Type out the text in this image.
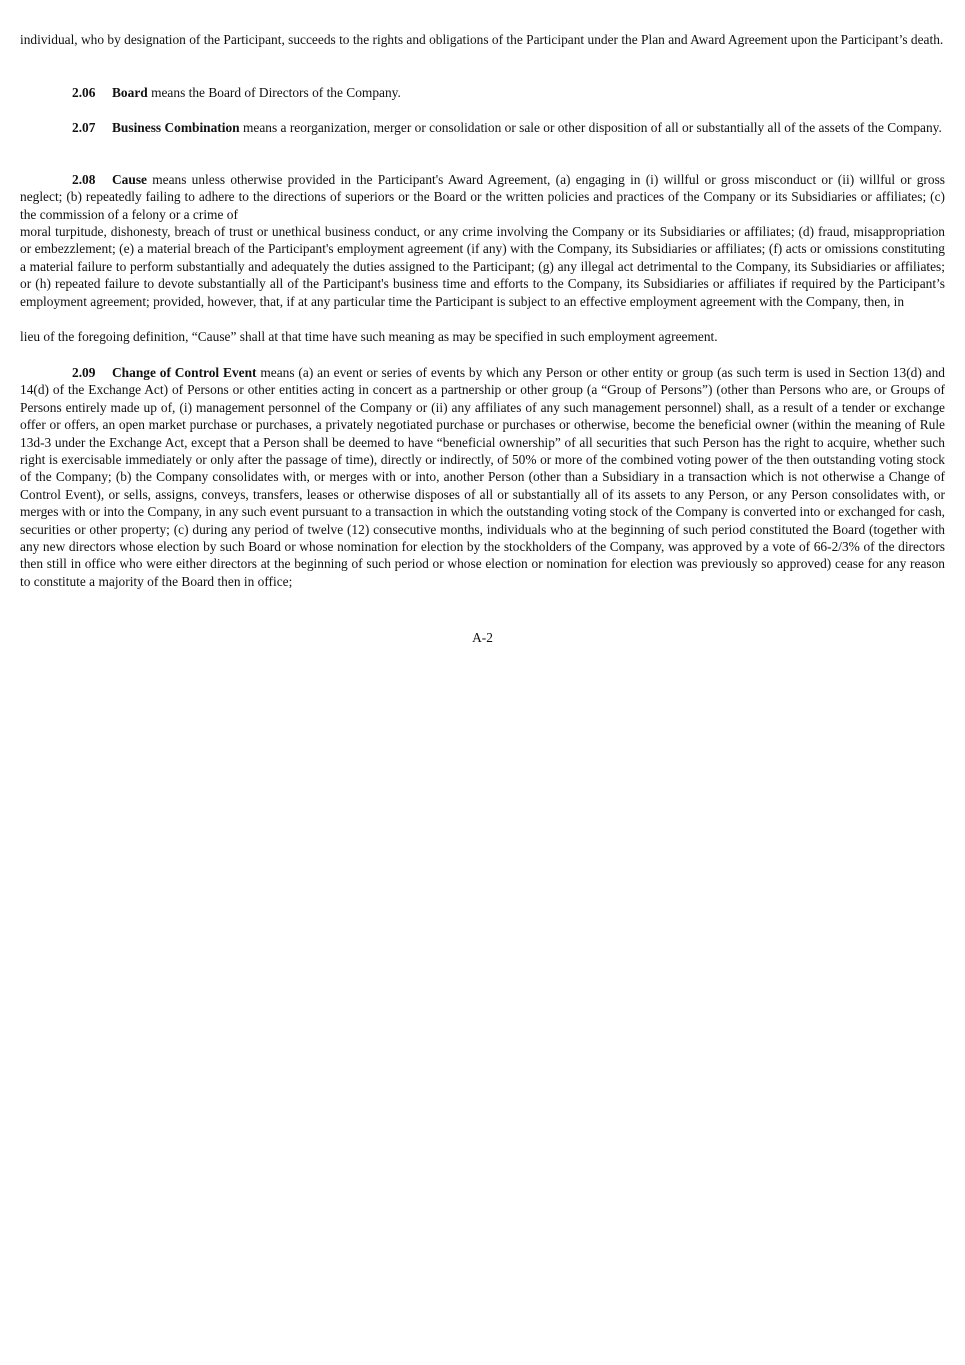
individual, who by designation of the Participant, succeeds to the rights and obligations of the Participant under the Plan and Award Agreement upon the Participant’s death.

2.06 Board means the Board of Directors of the Company.

2.07 Business Combination means a reorganization, merger or consolidation or sale or other disposition of all or substantially all of the assets of the Company.

2.08 Cause means unless otherwise provided in the Participant's Award Agreement, (a) engaging in (i) willful or gross misconduct or (ii) willful or gross neglect; (b) repeatedly failing to adhere to the directions of superiors or the Board or the written policies and practices of the Company or its Subsidiaries or affiliates; (c) the commission of a felony or a crime of

moral turpitude, dishonesty, breach of trust or unethical business conduct, or any crime involving the Company or its Subsidiaries or affiliates; (d) fraud, misappropriation or embezzlement; (e) a material breach of the Participant's employment agreement (if any) with the Company, its Subsidiaries or affiliates; (f) acts or omissions constituting a material failure to perform substantially and adequately the duties assigned to the Participant; (g) any illegal act detrimental to the Company, its Subsidiaries or affiliates; or (h) repeated failure to devote substantially all of the Participant's business time and efforts to the Company, its Subsidiaries or affiliates if required by the Participant’s employment agreement; provided, however, that, if at any particular time the Participant is subject to an effective employment agreement with the Company, then, in

lieu of the foregoing definition, “Cause” shall at that time have such meaning as may be specified in such employment agreement.

2.09 Change of Control Event means (a) an event or series of events by which any Person or other entity or group (as such term is used in Section 13(d) and 14(d) of the Exchange Act) of Persons or other entities acting in concert as a partnership or other group (a “Group of Persons”) (other than Persons who are, or Groups of Persons entirely made up of, (i) management personnel of the Company or (ii) any affiliates of any such management personnel) shall, as a result of a tender or exchange offer or offers, an open market purchase or purchases, a privately negotiated purchase or purchases or otherwise, become the beneficial owner (within the meaning of Rule 13d-3 under the Exchange Act, except that a Person shall be deemed to have “beneficial ownership” of all securities that such Person has the right to acquire, whether such right is exercisable immediately or only after the passage of time), directly or indirectly, of 50% or more of the combined voting power of the then outstanding voting stock of the Company; (b) the Company consolidates with, or merges with or into, another Person (other than a Subsidiary in a transaction which is not otherwise a Change of Control Event), or sells, assigns, conveys, transfers, leases or otherwise disposes of all or substantially all of its assets to any Person, or any Person consolidates with, or merges with or into the Company, in any such event pursuant to a transaction in which the outstanding voting stock of the Company is converted into or exchanged for cash, securities or other property; (c) during any period of twelve (12) consecutive months, individuals who at the beginning of such period constituted the Board (together with any new directors whose election by such Board or whose nomination for election by the stockholders of the Company, was approved by a vote of 66-2/3% of the directors then still in office who were either directors at the beginning of such period or whose election or nomination for election was previously so approved) cease for any reason to constitute a majority of the Board then in office;

A-2
